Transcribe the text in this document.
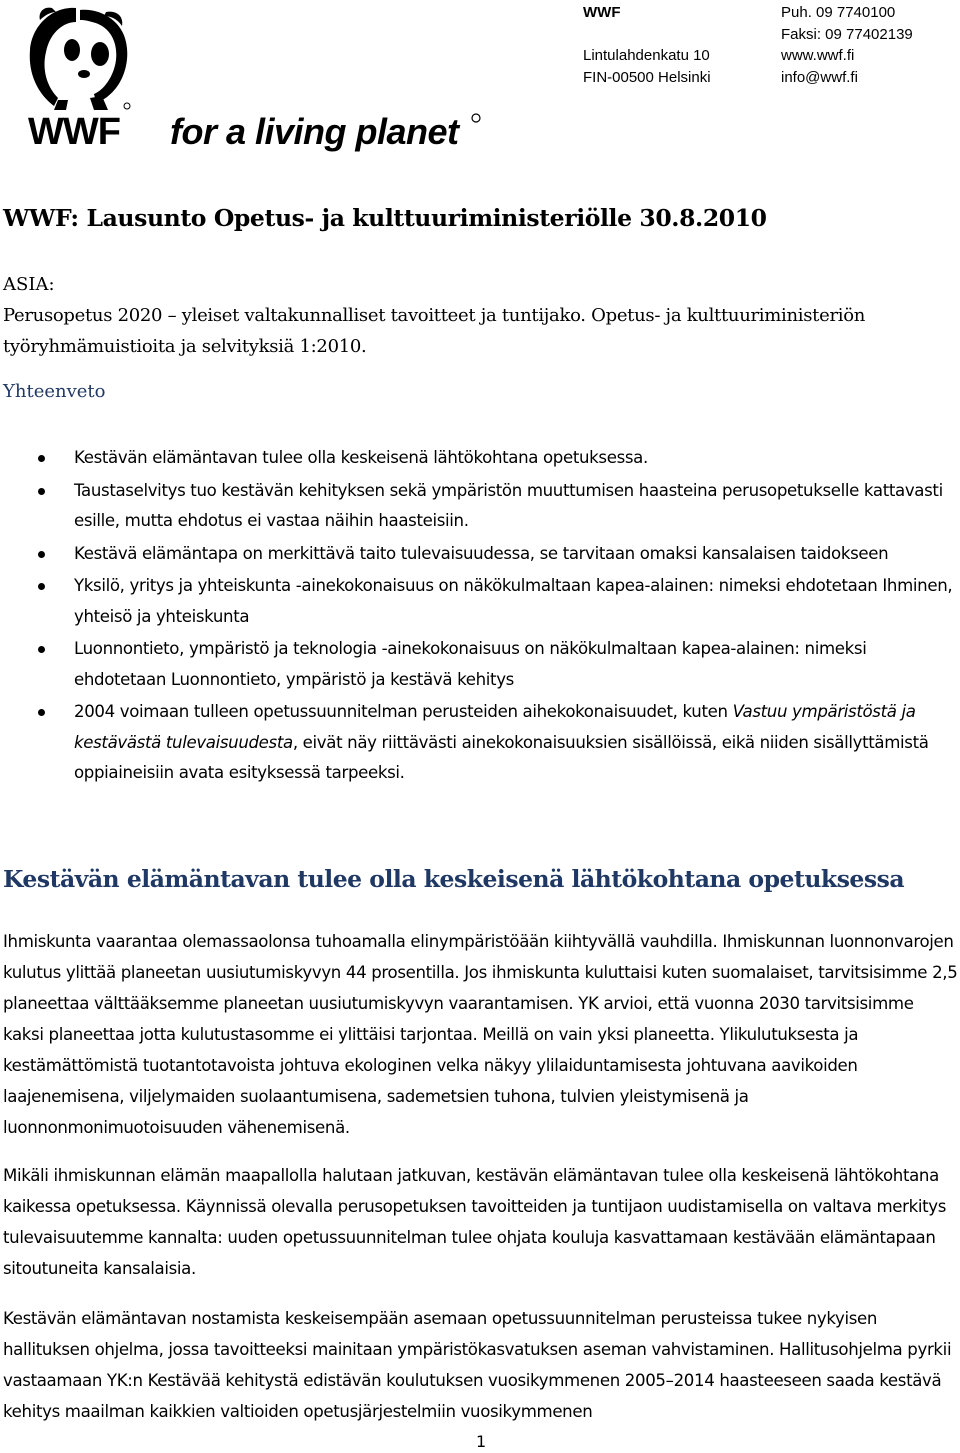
WWF for a living planet
WWF

Lintulahdenkatu 10
FIN-00500 Helsinki
Puh. 09 7740100
Faksi: 09 77402139
www.wwf.fi
info@wwf.fi
WWF: Lausunto Opetus- ja kulttuuriministeriölle 30.8.2010
ASIA:
Perusopetus 2020 – yleiset valtakunnalliset tavoitteet ja tuntijako. Opetus- ja kulttuuriministeriön työryhmämuistioita ja selvityksiä 1:2010.
Yhteenveto
Kestävän elämäntavan tulee olla keskeisenä lähtökohtana opetuksessa.
Taustaselvitys tuo kestävän kehityksen sekä ympäristön muuttumisen haasteina perusopetukselle kattavasti esille, mutta ehdotus ei vastaa näihin haasteisiin.
Kestävä elämäntapa on merkittävä taito tulevaisuudessa, se tarvitaan omaksi kansalaisen taidokseen
Yksilö, yritys ja yhteiskunta -ainekokonaisuus on näkökulmaltaan kapea-alainen: nimeksi ehdotetaan Ihminen, yhteisö ja yhteiskunta
Luonnontieto, ympäristö ja teknologia -ainekokonaisuus on näkökulmaltaan kapea-alainen: nimeksi ehdotetaan Luonnontieto, ympäristö ja kestävä kehitys
2004 voimaan tulleen opetussuunnitelman perusteiden aihekokonaisuudet, kuten Vastuu ympäristöstä ja kestävästä tulevaisuudesta, eivät näy riittävästi ainekokonaisuuksien sisällöissä, eikä niiden sisällyttämistä oppiaineisiin avata esityksessä tarpeeksi.
Kestävän elämäntavan tulee olla keskeisenä lähtökohtana opetuksessa

Ihmiskunta vaarantaa olemassaolonsa tuhoamalla elinympäristöään kiihtyvällä vauhdilla. Ihmiskunnan luonnonvarojen kulutus ylittää planeetan uusiutumiskyvyn 44 prosentilla. Jos ihmiskunta kuluttaisi kuten suomalaiset, tarvitsisimme 2,5 planeettaa välttääksemme planeetan uusiutumiskyvyn vaarantamisen. YK arvioi, että vuonna 2030 tarvitsisimme kaksi planeettaa jotta kulutustasomme ei ylittäisi tarjontaa. Meillä on vain yksi planeetta. Ylikulutuksesta ja kestämättömistä tuotantotavoista johtuva ekologinen velka näkyy ylilaiduntamisesta johtuvana aavikoiden laajenemisena, viljelymaiden suolaantumisena, sademetsien tuhona, tulvien yleistymisenä ja luonnonmonimuotoisuuden vähenemisenä.

Mikäli ihmiskunnan elämän maapallolla halutaan jatkuvan, kestävän elämäntavan tulee olla keskeisenä lähtökohtana kaikessa opetuksessa. Käynnissä olevalla perusopetuksen tavoitteiden ja tuntijaon uudistamisella on valtava merkitys tulevaisuutemme kannalta: uuden opetussuunnitelman tulee ohjata kouluja kasvattamaan kestävään elämäntapaan sitoutuneita kansalaisia.

Kestävän elämäntavan nostamista keskeisempään asemaan opetussuunnitelman perusteissa tukee nykyisen hallituksen ohjelma, jossa tavoitteeksi mainitaan ympäristökasvatuksen aseman vahvistaminen. Hallitusohjelma pyrkii vastaamaan YK:n Kestävää kehitystä edistävän koulutuksen vuosikymmenen 2005–2014 haasteeseen saada kestävä kehitys maailman kaikkien valtioiden opetusjärjestelmiin vuosikymmenen

1
